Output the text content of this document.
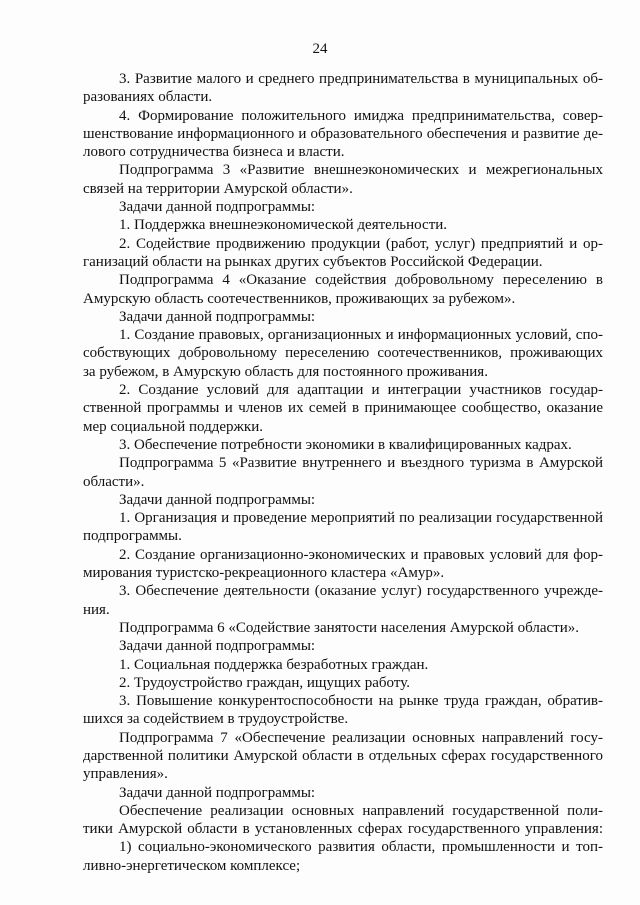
24

3. Развитие малого и среднего предпринимательства в муниципальных об-

разованиях области.

4. Формирование положительного имиджа предпринимательства, совер-

шенствование информационного и образовательного обеспечения и развитие де-

лового сотрудничества бизнеса и власти.

Подпрограмма 3 «Развитие внешнеэкономических и межрегиональных

связей на территории Амурской области».

Задачи данной подпрограммы:

1. Поддержка внешнеэкономической деятельности.

2. Содействие продвижению продукции (работ, услуг) предприятий и ор-

ганизаций области на рынках других субъектов Российской Федерации.

Подпрограмма 4 «Оказание содействия добровольному переселению в

Амурскую область соотечественников, проживающих за рубежом».

Задачи данной подпрограммы:

1. Создание правовых, организационных и информационных условий, спо-

собствующих добровольному переселению соотечественников, проживающих

за рубежом, в Амурскую область для постоянного проживания.

2. Создание условий для адаптации и интеграции участников государ-

ственной программы и членов их семей в принимающее сообщество, оказание

мер социальной поддержки.

3. Обеспечение потребности экономики в квалифицированных кадрах.

Подпрограмма 5 «Развитие внутреннего и въездного туризма в Амурской

области».

Задачи данной подпрограммы:

1. Организация и проведение мероприятий по реализации государственной

подпрограммы.

2. Создание организационно-экономических и правовых условий для фор-

мирования туристско-рекреационного кластера «Амур».

3. Обеспечение деятельности (оказание услуг) государственного учрежде-

ния.

Подпрограмма 6 «Содействие занятости населения Амурской области».

Задачи данной подпрограммы:

1. Социальная поддержка безработных граждан.

2. Трудоустройство граждан, ищущих работу.

3. Повышение конкурентоспособности на рынке труда граждан, обратив-

шихся за содействием в трудоустройстве.

Подпрограмма 7 «Обеспечение реализации основных направлений госу-

дарственной политики Амурской области в отдельных сферах государственного

управления».

Задачи данной подпрограммы:

Обеспечение реализации основных направлений государственной поли-

тики Амурской области в установленных сферах государственного управления:

1) социально-экономического развития области, промышленности и топ-

ливно-энергетическом комплексе;
